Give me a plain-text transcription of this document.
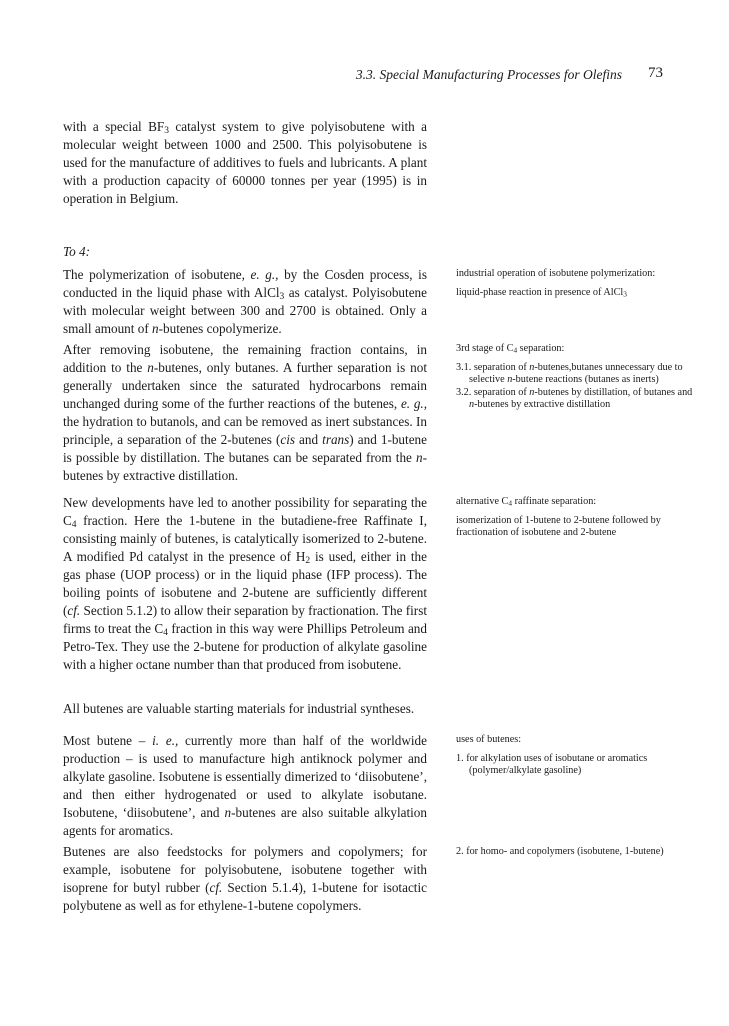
3.3. Special Manufacturing Processes for Olefins 73

with a special $BF_3$ catalyst system to give polyisobutene with a molecular weight between 1000 and 2500. This polyisobutene is used for the manufacture of additives to fuels and lubricants. A plant with a production capacity of 60000 tonnes per year (1995) is in operation in Belgium.

To 4:

The polymerization of isobutene, e. g., by the Cosden process, is conducted in the liquid phase with AlCl$_3$ as catalyst. Polyisobutene with molecular weight between 300 and 2700 is obtained. Only a small amount of n-butenes copolymerize.

After removing isobutene, the remaining fraction contains, in addition to the n-butenes, only butanes. A further separation is not generally undertaken since the saturated hydrocarbons remain unchanged during some of the further reactions of the butenes, e. g., the hydration to butanols, and can be removed as inert substances. In principle, a separation of the 2-butenes (cis and trans) and 1-butene is possible by distillation. The butanes can be separated from the n-butenes by extractive distillation.

New developments have led to another possibility for separating the $C_4$ fraction. Here the 1-butene in the butadiene-free Raffinate I, consisting mainly of butenes, is catalytically isomerized to 2-butene. A modified Pd catalyst in the presence of $H_2$ is used, either in the gas phase (UOP process) or in the liquid phase (IFP process). The boiling points of isobutene and 2-butene are sufficiently different (cf. Section 5.1.2) to allow their separation by fractionation. The first firms to treat the $C_4$ fraction in this way were Phillips Petroleum and Petro-Tex. They use the 2-butene for production of alkylate gasoline with a higher octane number than that produced from isobutene.

All butenes are valuable starting materials for industrial syntheses.

Most butene – i. e., currently more than half of the worldwide production – is used to manufacture high antiknock polymer and alkylate gasoline. Isobutene is essentially dimerized to ‘diisobutene’, and then either hydrogenated or used to alkylate isobutane. Isobutene, ‘diisobutene’, and n-butenes are also suitable alkylation agents for aromatics.

Butenes are also feedstocks for polymers and copolymers; for example, isobutene for polyisobutene, isobutene together with isoprene for butyl rubber (cf. Section 5.1.4), 1-butene for isotactic polybutene as well as for ethylene-1-butene copolymers.

industrial operation of isobutene polymerization:

liquid-phase reaction in presence of AlCl$_3$

3rd stage of $C_4$ separation:

3.1. separation of n-butenes,butanes unnecessary due to selective n-butene reactions (butanes as inerts)

3.2. separation of n-butenes by distillation, of butanes and n-butenes by extractive distillation

alternative $C_4$ raffinate separation:

isomerization of 1-butene to 2-butene followed by fractionation of isobutene and 2-butene

uses of butenes:

1. for alkylation uses of isobutane or aromatics (polymer/alkylate gasoline)

2. for homo- and copolymers (isobutene, 1-butene)
